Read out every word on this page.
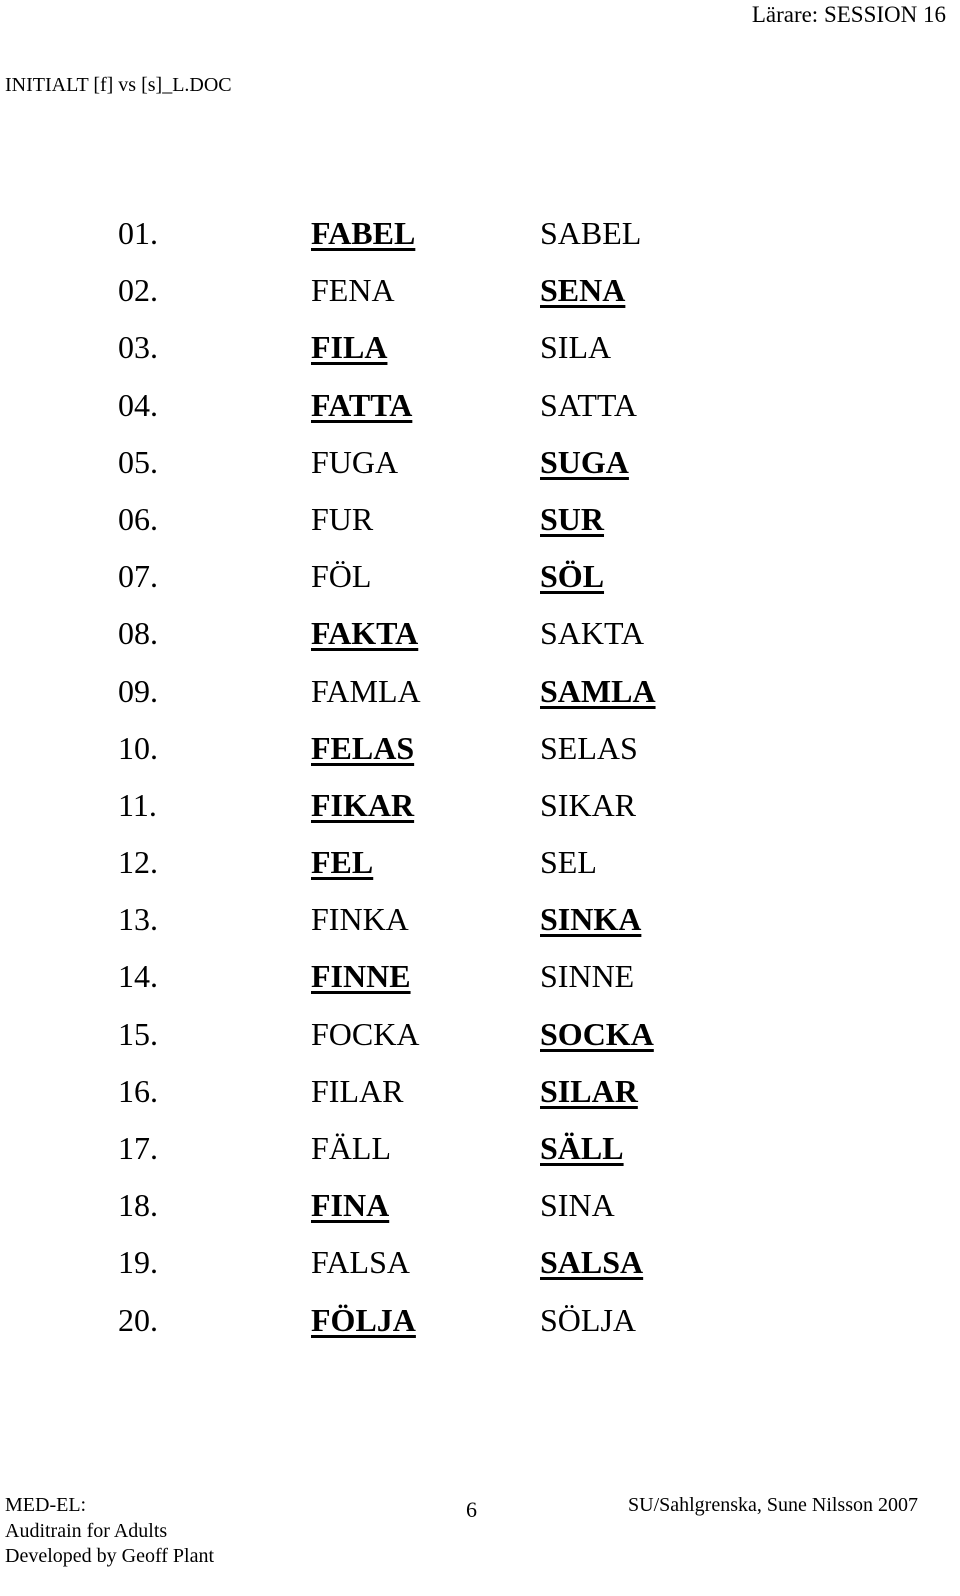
Lärare: SESSION 16
INITIALT [f] vs [s]_L.DOC
01.	FABEL	SABEL
02.	FENA	SENA
03.	FILA	SILA
04.	FATTA	SATTA
05.	FUGA	SUGA
06.	FUR	SUR
07.	FÖL	SÖL
08.	FAKTA	SAKTA
09.	FAMLA	SAMLA
10.	FELAS	SELAS
11.	FIKAR	SIKAR
12.	FEL	SEL
13.	FINKA	SINKA
14.	FINNE	SINNE
15.	FOCKA	SOCKA
16.	FILAR	SILAR
17.	FÄLL	SÄLL
18.	FINA	SINA
19.	FALSA	SALSA
20.	FÖLJA	SÖLJA
MED-EL:
Auditrain for Adults
Developed by Geoff Plant
6	SU/Sahlgrenska, Sune Nilsson 2007
